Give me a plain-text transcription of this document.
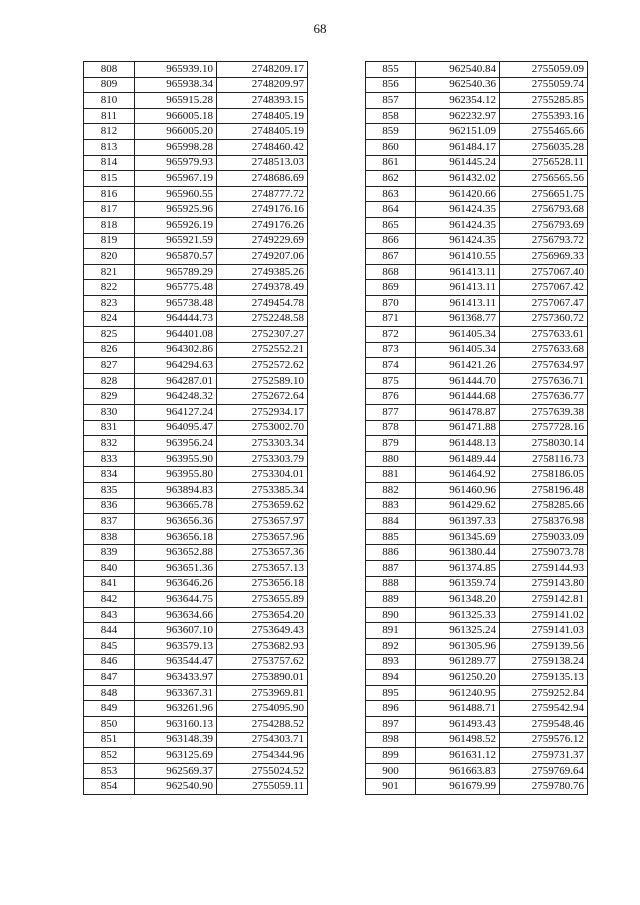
68
808	965939.10	2748209.17
809	965938.34	2748209.97
810	965915.28	2748393.15
811	966005.18	2748405.19
812	966005.20	2748405.19
813	965998.28	2748460.42
814	965979.93	2748513.03
815	965967.19	2748686.69
816	965960.55	2748777.72
817	965925.96	2749176.16
818	965926.19	2749176.26
819	965921.59	2749229.69
820	965870.57	2749207.06
821	965789.29	2749385.26
822	965775.48	2749378.49
823	965738.48	2749454.78
824	964444.73	2752248.58
825	964401.08	2752307.27
826	964302.86	2752552.21
827	964294.63	2752572.62
828	964287.01	2752589.10
829	964248.32	2752672.64
830	964127.24	2752934.17
831	964095.47	2753002.70
832	963956.24	2753303.34
833	963955.90	2753303.79
834	963955.80	2753304.01
835	963894.83	2753385.34
836	963665.78	2753659.62
837	963656.36	2753657.97
838	963656.18	2753657.96
839	963652.88	2753657.36
840	963651.36	2753657.13
841	963646.26	2753656.18
842	963644.75	2753655.89
843	963634.66	2753654.20
844	963607.10	2753649.43
845	963579.13	2753682.93
846	963544.47	2753757.62
847	963433.97	2753890.01
848	963367.31	2753969.81
849	963261.96	2754095.90
850	963160.13	2754288.52
851	963148.39	2754303.71
852	963125.69	2754344.96
853	962569.37	2755024.52
854	962540.90	2755059.11
855	962540.84	2755059.09
856	962540.36	2755059.74
857	962354.12	2755285.85
858	962232.97	2755393.16
859	962151.09	2755465.66
860	961484.17	2756035.28
861	961445.24	2756528.11
862	961432.02	2756565.56
863	961420.66	2756651.75
864	961424.35	2756793.68
865	961424.35	2756793.69
866	961424.35	2756793.72
867	961410.55	2756969.33
868	961413.11	2757067.40
869	961413.11	2757067.42
870	961413.11	2757067.47
871	961368.77	2757360.72
872	961405.34	2757633.61
873	961405.34	2757633.68
874	961421.26	2757634.97
875	961444.70	2757636.71
876	961444.68	2757636.77
877	961478.87	2757639.38
878	961471.88	2757728.16
879	961448.13	2758030.14
880	961489.44	2758116.73
881	961464.92	2758186.05
882	961460.96	2758196.48
883	961429.62	2758285.66
884	961397.33	2758376.98
885	961345.69	2759033.09
886	961380.44	2759073.78
887	961374.85	2759144.93
888	961359.74	2759143.80
889	961348.20	2759142.81
890	961325.33	2759141.02
891	961325.24	2759141.03
892	961305.96	2759139.56
893	961289.77	2759138.24
894	961250.20	2759135.13
895	961240.95	2759252.84
896	961488.71	2759542.94
897	961493.43	2759548.46
898	961498.52	2759576.12
899	961631.12	2759731.37
900	961663.83	2759769.64
901	961679.99	2759780.76
